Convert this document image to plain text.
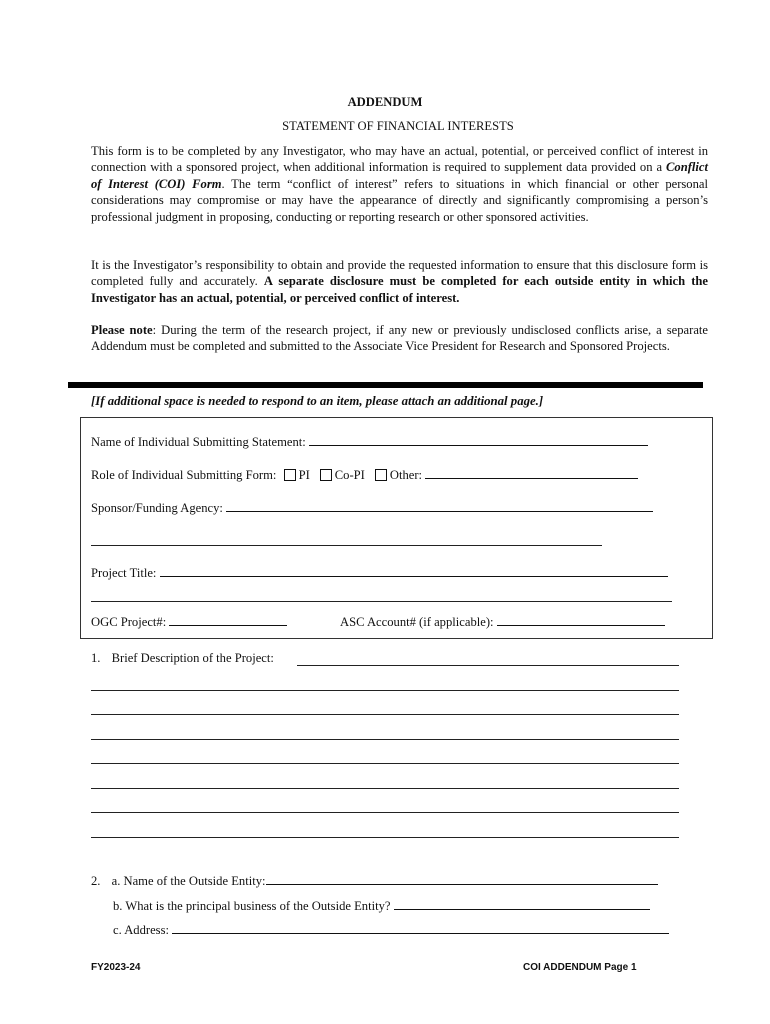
ADDENDUM
STATEMENT OF FINANCIAL INTERESTS

This form is to be completed by any Investigator, who may have an actual, potential, or perceived conflict of interest in connection with a sponsored project, when additional information is required to supplement data provided on a Conflict of Interest (COI) Form. The term “conflict of interest” refers to situations in which financial or other personal considerations may compromise or may have the appearance of directly and significantly compromising a person’s professional judgment in proposing, conducting or reporting research or other sponsored activities.

It is the Investigator’s responsibility to obtain and provide the requested information to ensure that this disclosure form is completed fully and accurately. A separate disclosure must be completed for each outside entity in which the Investigator has an actual, potential, or perceived conflict of interest.

Please note: During the term of the research project, if any new or previously undisclosed conflicts arise, a separate Addendum must be completed and submitted to the Associate Vice President for Research and Sponsored Projects.

[If additional space is needed to respond to an item, please attach an additional page.]
Name of Individual Submitting Statement:
Role of Individual Submitting Form: PI Co-PI Other:
Sponsor/Funding Agency:
Project Title:
OGC Project#:	ASC Account# (if applicable):
1. Brief Description of the Project:
2. a. Name of the Outside Entity:
b. What is the principal business of the Outside Entity?
c. Address:
FY2023-24	COI ADDENDUM Page 1
